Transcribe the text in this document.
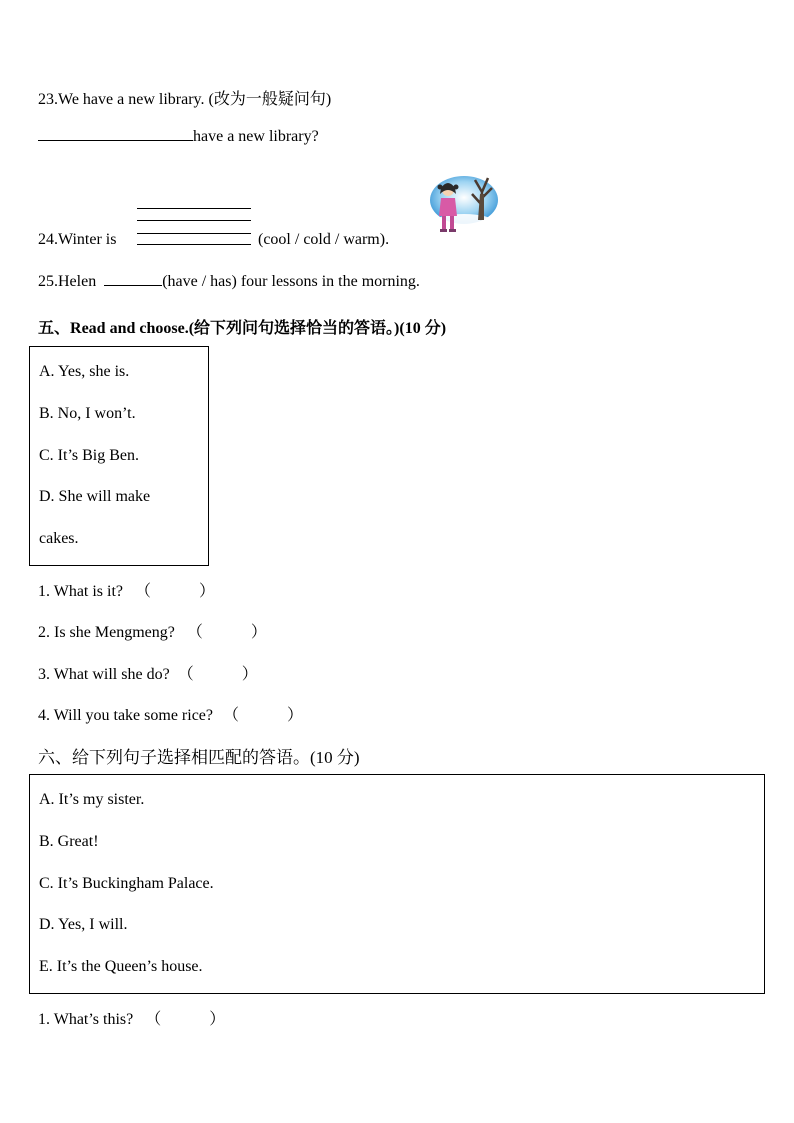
23.We have a new library. (改为一般疑问句)
have a new library?
24.Winter is	(cool / cold / warm).
25.Helen	(have / has) four lessons in the morning.
五、Read and choose.(给下列问句选择恰当的答语。)(10 分)
A. Yes, she is.
B. No, I won’t.
C. It’s Big Ben.
D. She will make
cakes.
1. What is it? （　　　）
2. Is she Mengmeng? （　　　）
3. What will she do? （　　　）
4. Will you take some rice? （　　　）
六、给下列句子选择相匹配的答语。(10 分)
A. It’s my sister.
B. Great!
C. It’s Buckingham Palace.
D. Yes, I will.
E. It’s the Queen’s house.
1. What’s this? （　　　）
